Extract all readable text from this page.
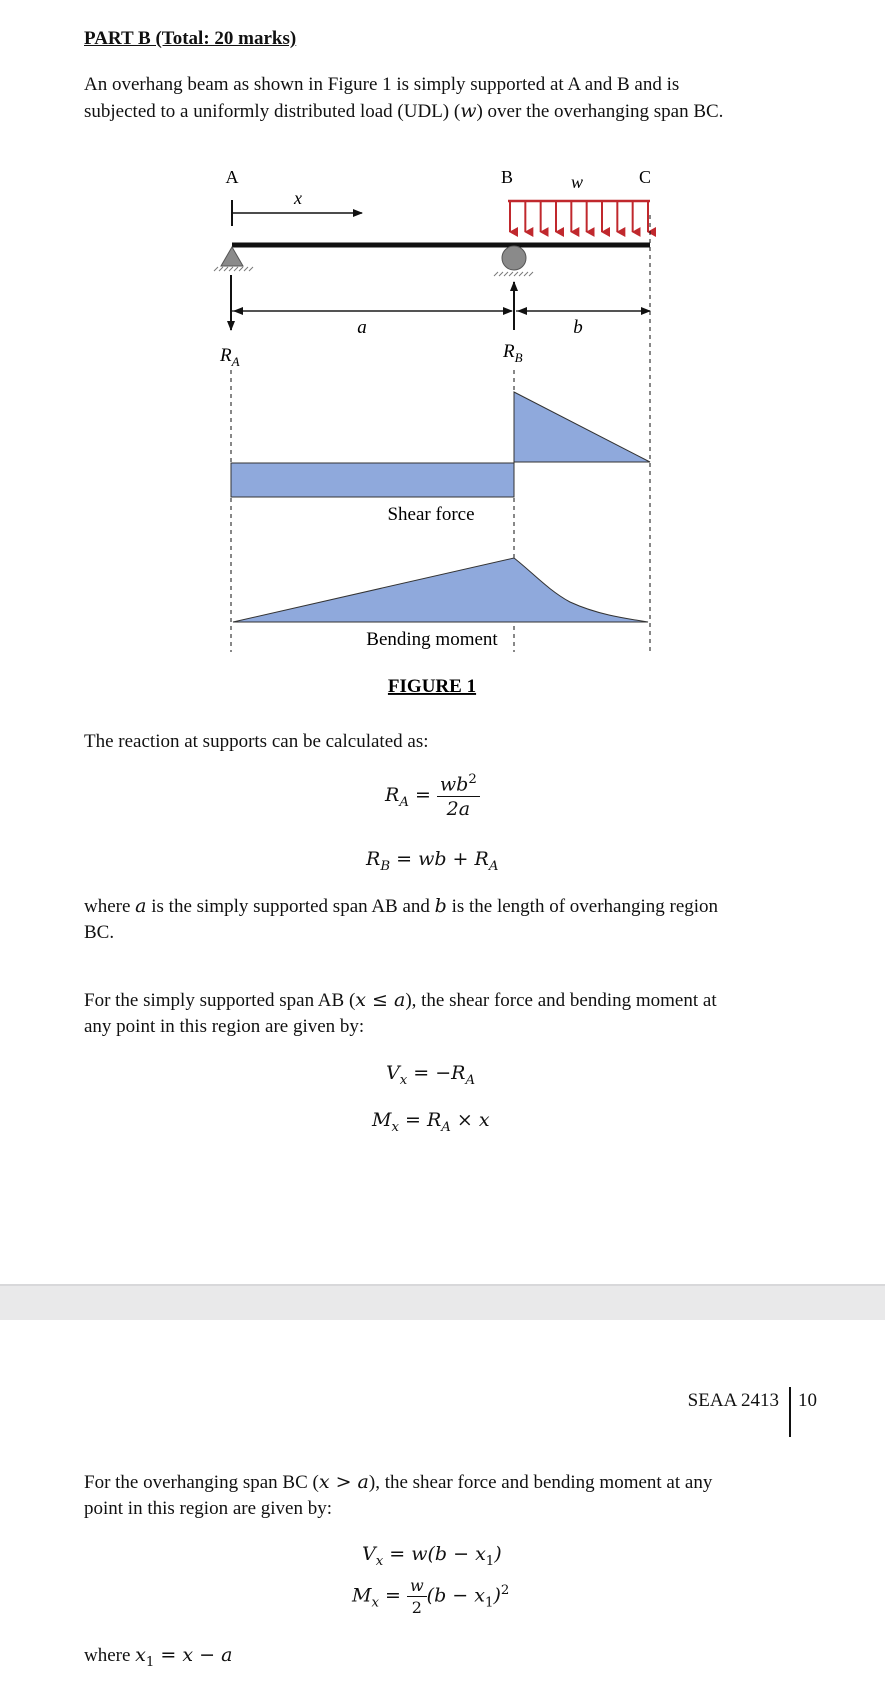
PART B (Total: 20 marks)
An overhang beam as shown in Figure 1 is simply supported at A and B and is
subjected to a uniformly distributed load (UDL) (w) over the overhanging span BC.
A	B	C
w
x
$R_A$	$R_B$
a	b
Shear force
Bending moment
FIGURE 1
The reaction at supports can be calculated as:
$R_A = \frac{wb^2}{2a}$
$R_B$ = wb + $R_A$
where a is the simply supported span AB and b is the length of overhanging region
BC.
For the simply supported span AB (x ≤ a), the shear force and bending moment at
any point in this region are given by:
$V_x = -R_A$
$M_x = R_A \times x$
SEAA 2413 10
For the overhanging span BC (x > a), the shear force and bending moment at any
point in this region are given by:
$V_x = w(b - x_1)$
$M_x = \frac{w}{2} (b - x_1)^2$
where $x_1 = x - a$
